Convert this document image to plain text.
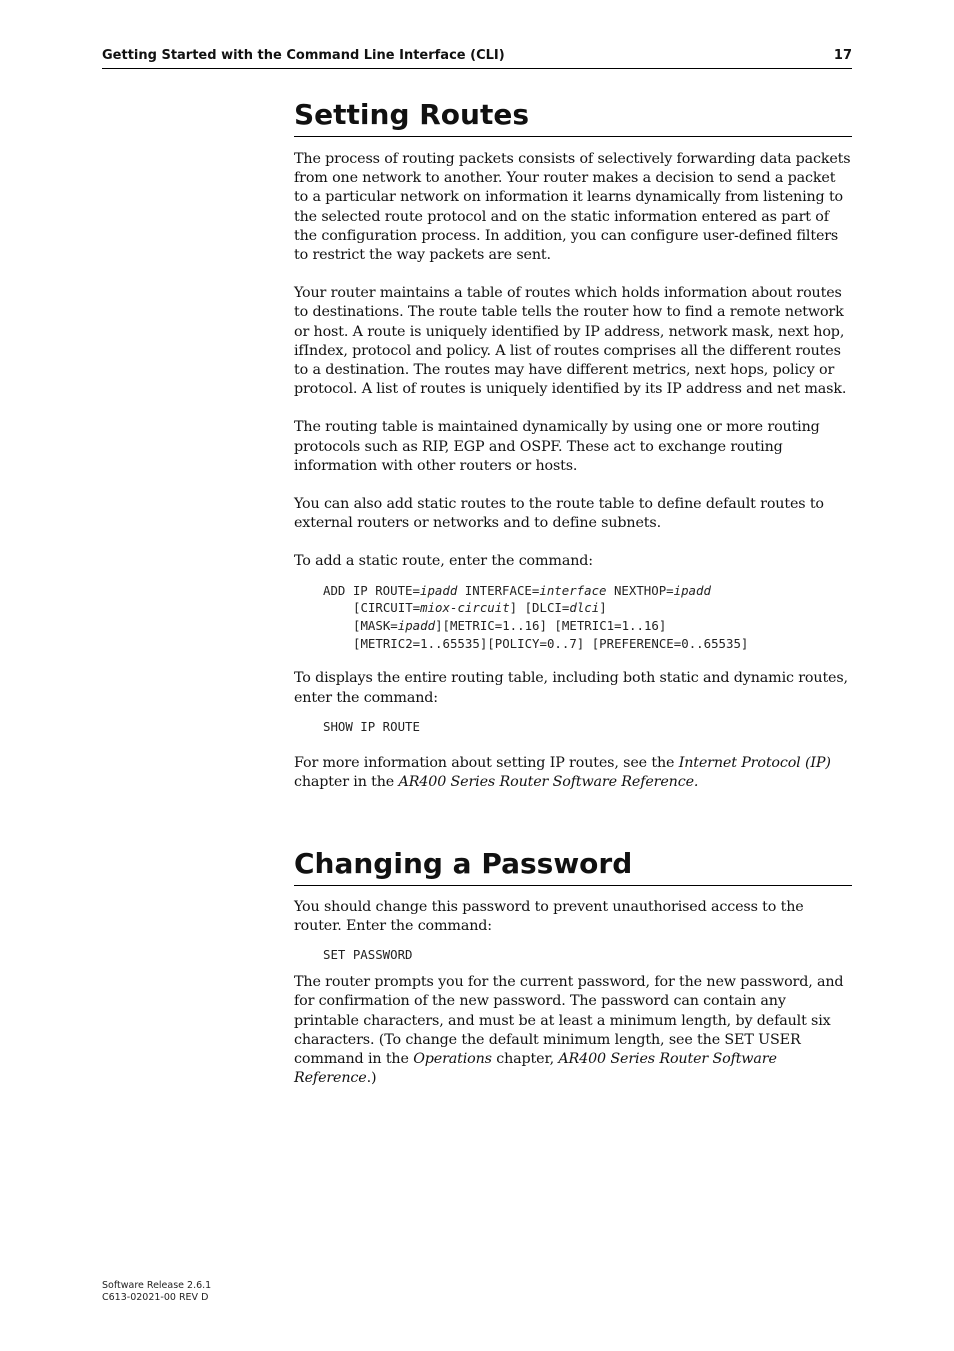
Getting Started with the Command Line Interface (CLI)	17
Setting Routes

The process of routing packets consists of selectively forwarding data packets from one network to another. Your router makes a decision to send a packet to a particular network on information it learns dynamically from listening to the selected route protocol and on the static information entered as part of the configuration process. In addition, you can configure user-defined filters to restrict the way packets are sent.

Your router maintains a table of routes which holds information about routes to destinations. The route table tells the router how to find a remote network or host. A route is uniquely identified by IP address, network mask, next hop, ifIndex, protocol and policy. A list of routes comprises all the different routes to a destination. The routes may have different metrics, next hops, policy or protocol. A list of routes is uniquely identified by its IP address and net mask.

The routing table is maintained dynamically by using one or more routing protocols such as RIP, EGP and OSPF. These act to exchange routing information with other routers or hosts.

You can also add static routes to the route table to define default routes to external routers or networks and to define subnets.

To add a static route, enter the command:

ADD IP ROUTE=ipadd INTERFACE=interface NEXTHOP=ipadd
[CIRCUIT=miox-circuit] [DLCI=dlci]
[MASK=ipadd][METRIC=1..16] [METRIC1=1..16]
[METRIC2=1..65535][POLICY=0..7] [PREFERENCE=0..65535]

To displays the entire routing table, including both static and dynamic routes, enter the command:

SHOW IP ROUTE

For more information about setting IP routes, see the Internet Protocol (IP) chapter in the AR400 Series Router Software Reference.

Changing a Password

You should change this password to prevent unauthorised access to the router. Enter the command:

SET PASSWORD

The router prompts you for the current password, for the new password, and for confirmation of the new password. The password can contain any printable characters, and must be at least a minimum length, by default six characters. (To change the default minimum length, see the SET USER command in the Operations chapter, AR400 Series Router Software Reference.)

Software Release 2.6.1
C613-02021-00 REV D
